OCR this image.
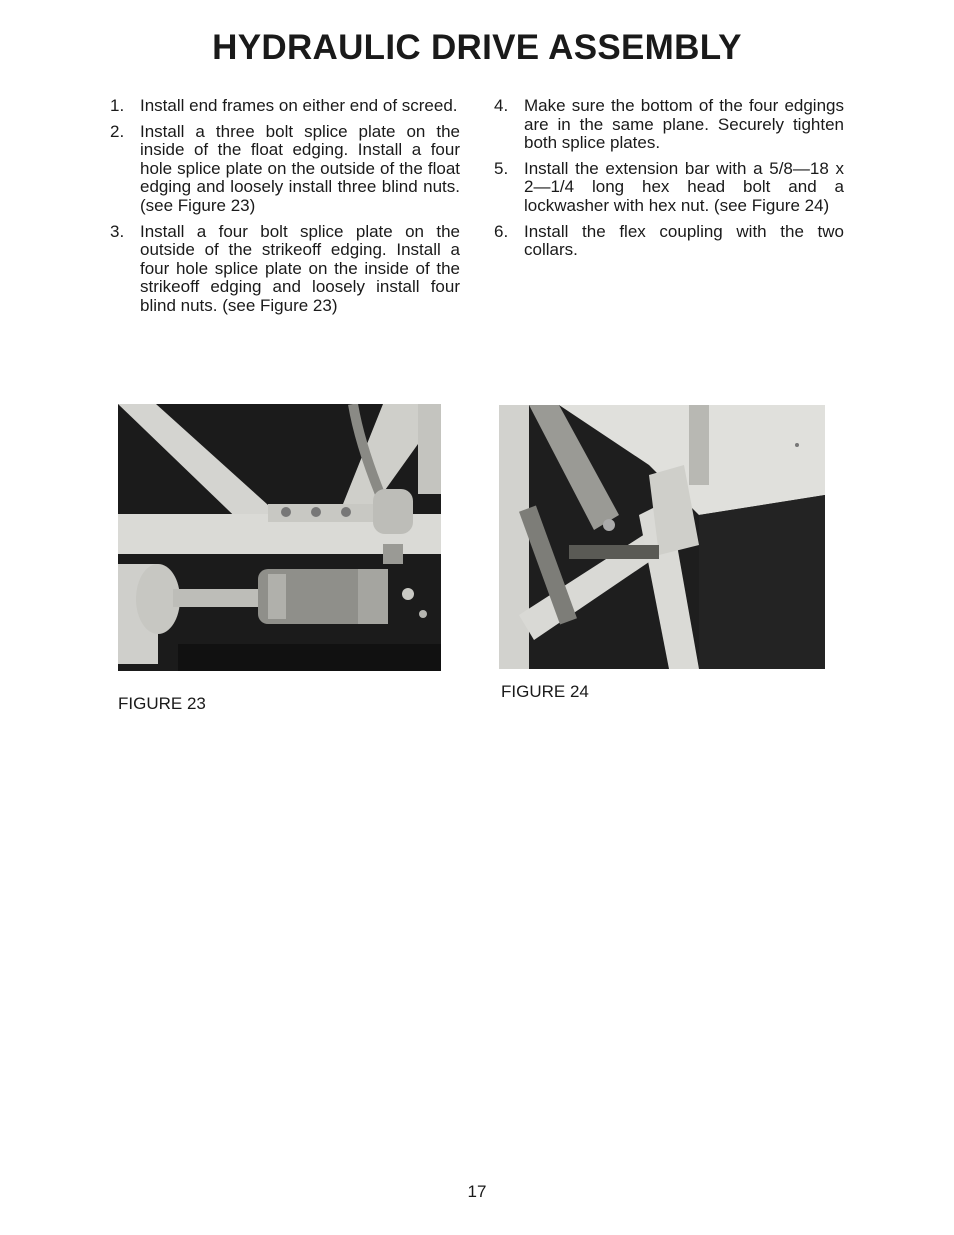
HYDRAULIC DRIVE ASSEMBLY
1. Install end frames on either end of screed.
2. Install a three bolt splice plate on the inside of the float edging. Install a four hole splice plate on the outside of the float edging and loosely install three blind nuts. (see Figure 23)
3. Install a four bolt splice plate on the outside of the strikeoff edging. Install a four hole splice plate on the inside of the strikeoff edging and loosely install four blind nuts. (see Figure 23)
4. Make sure the bottom of the four edgings are in the same plane. Securely tighten both splice plates.
5. Install the extension bar with a 5/8—18 x 2—1/4 long hex head bolt and a lockwasher with hex nut. (see Figure 24)
6. Install the flex coupling with the two collars.
FIGURE 23
FIGURE 24
17
